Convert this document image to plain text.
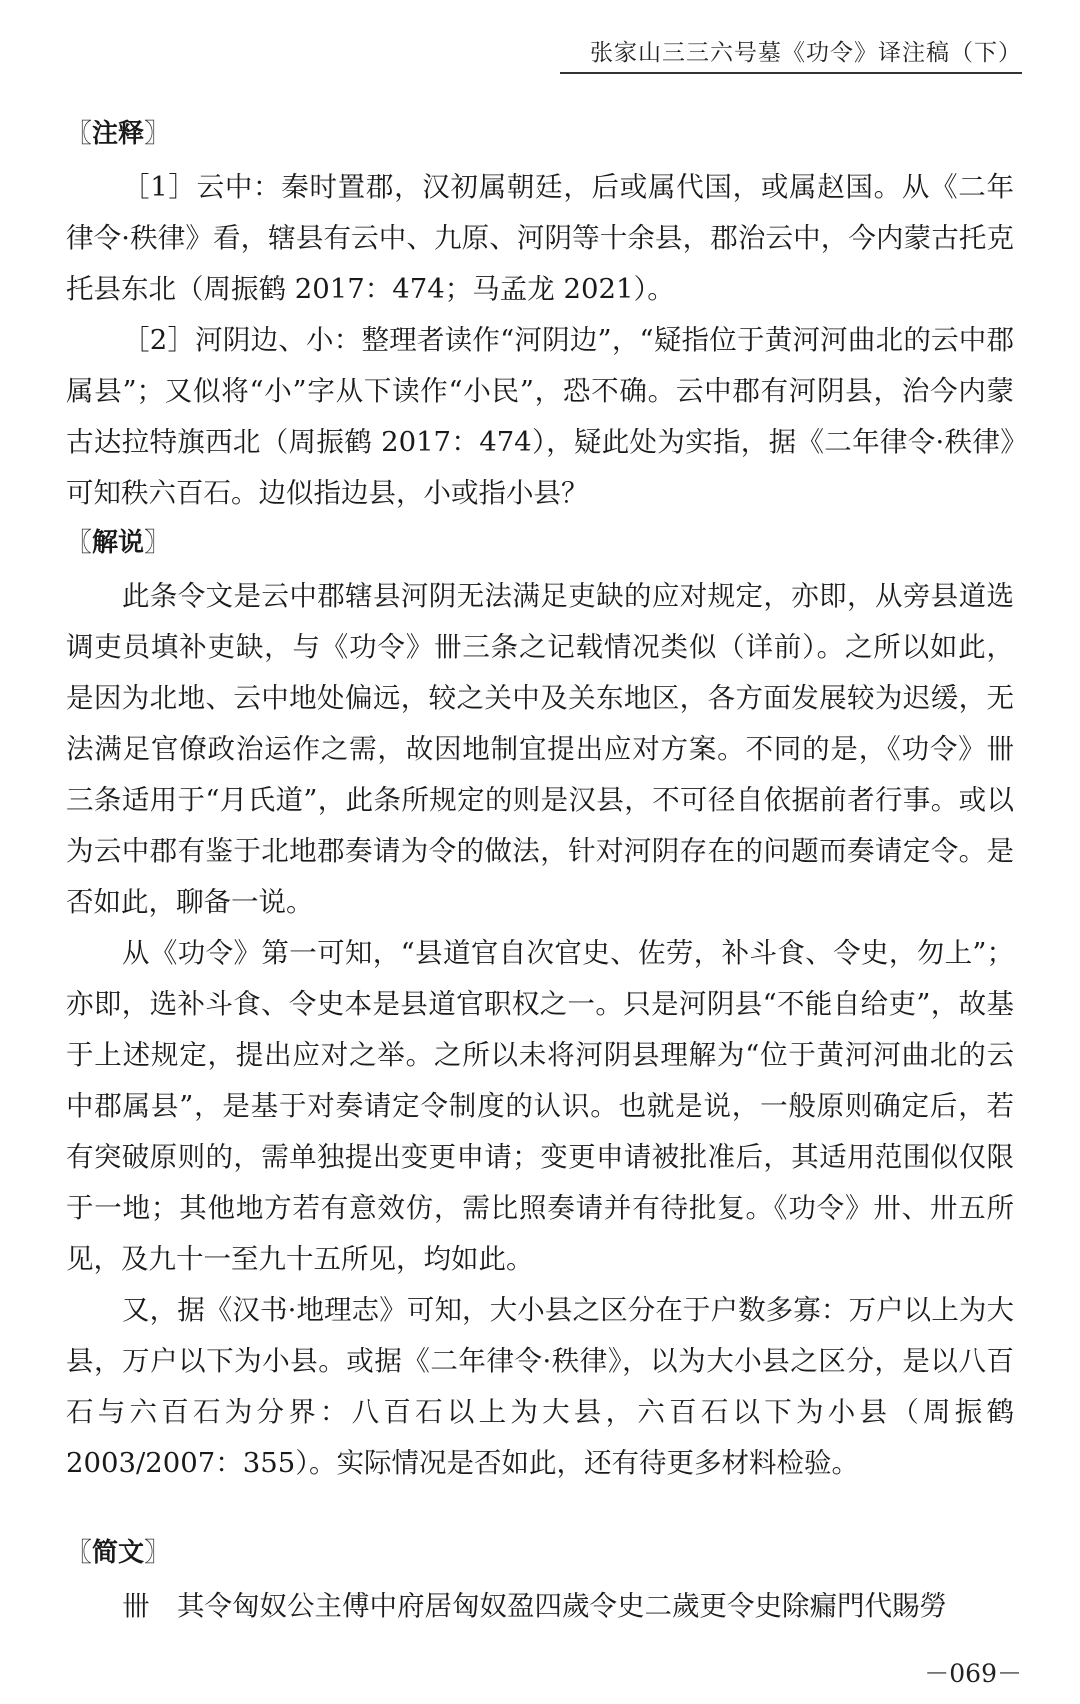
张家山三三六号墓《功令》译注稿（下）
〖注释〗

［1］云中：秦时置郡，汉初属朝廷，后或属代国，或属赵国。从《二年律令·秩律》看，辖县有云中、九原、河阴等十余县，郡治云中，今内蒙古托克托县东北（周振鹤 2017：474；马孟龙 2021）。

［2］河阴边、小：整理者读作“河阴边”，“疑指位于黄河河曲北的云中郡属县”；又似将“小”字从下读作“小民”，恐不确。云中郡有河阴县，治今内蒙古达拉特旗西北（周振鹤 2017：474），疑此处为实指，据《二年律令·秩律》可知秩六百石。边似指边县，小或指小县？

〖解说〗

此条令文是云中郡辖县河阴无法满足吏缺的应对规定，亦即，从旁县道选调吏员填补吏缺，与《功令》卌三条之记载情况类似（详前）。之所以如此，是因为北地、云中地处偏远，较之关中及关东地区，各方面发展较为迟缓，无法满足官僚政治运作之需，故因地制宜提出应对方案。不同的是，《功令》卌三条适用于“月氏道”，此条所规定的则是汉县，不可径自依据前者行事。或以为云中郡有鉴于北地郡奏请为令的做法，针对河阴存在的问题而奏请定令。是否如此，聊备一说。

从《功令》第一可知，“县道官自次官史、佐劳，补斗食、令史，勿上”；亦即，选补斗食、令史本是县道官职权之一。只是河阴县“不能自给吏”，故基于上述规定，提出应对之举。之所以未将河阴县理解为“位于黄河河曲北的云中郡属县”，是基于对奏请定令制度的认识。也就是说，一般原则确定后，若有突破原则的，需单独提出变更申请；变更申请被批准后，其适用范围似仅限于一地；其他地方若有意效仿，需比照奏请并有待批复。《功令》卅、卅五所见，及九十一至九十五所见，均如此。

又，据《汉书·地理志》可知，大小县之区分在于户数多寡：万户以上为大县，万户以下为小县。或据《二年律令·秩律》，以为大小县之区分，是以八百石与六百石为分界：八百石以上为大县，六百石以下为小县（周振鹤 2003/2007：355）。实际情况是否如此，还有待更多材料检验。

〖简文〗

卌　其令匈奴公主傅中府居匈奴盈四歲令史二歲更令史除瘺門代賜勞

－069－
